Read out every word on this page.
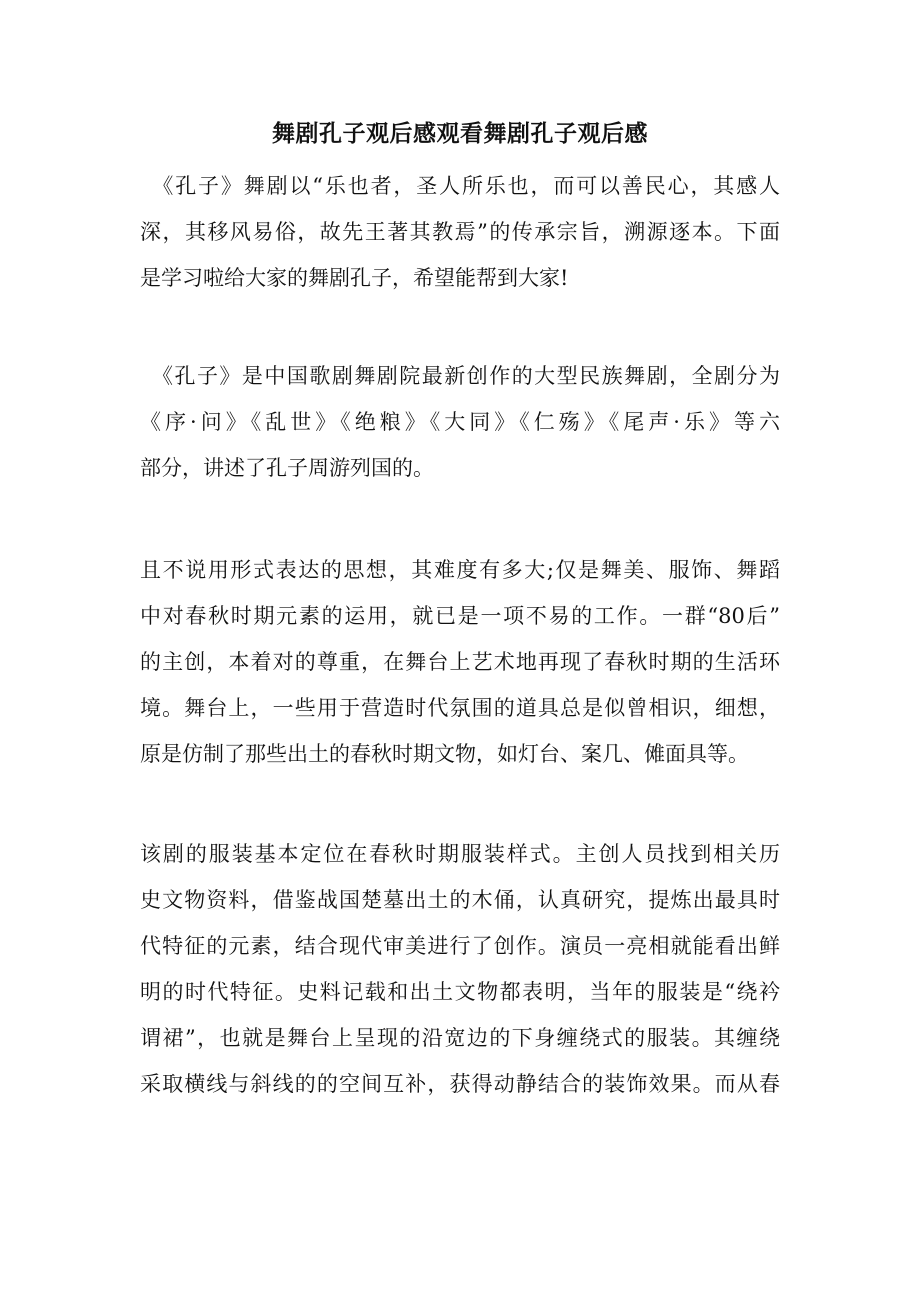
舞剧孔子观后感观看舞剧孔子观后感

　《孔子》舞剧以“乐也者，圣人所乐也，而可以善民心，其感人
深，其移风易俗，故先王著其教焉”的传承宗旨，溯源逐本。下面
是学习啦给大家的舞剧孔子，希望能帮到大家!

　《孔子》是中国歌剧舞剧院最新创作的大型民族舞剧，全剧分为
《序·问》《乱世》《绝粮》《大同》《仁殇》《尾声·乐》等六
部分，讲述了孔子周游列国的。

且不说用形式表达的思想，其难度有多大;仅是舞美、服饰、舞蹈
中对春秋时期元素的运用，就已是一项不易的工作。一群“80后”
的主创，本着对的尊重，在舞台上艺术地再现了春秋时期的生活环
境。舞台上，一些用于营造时代氛围的道具总是似曾相识，细想，
原是仿制了那些出土的春秋时期文物，如灯台、案几、傩面具等。

该剧的服装基本定位在春秋时期服装样式。主创人员找到相关历
史文物资料，借鉴战国楚墓出土的木俑，认真研究，提炼出最具时
代特征的元素，结合现代审美进行了创作。演员一亮相就能看出鲜
明的时代特征。史料记载和出土文物都表明，当年的服装是“绕衿
谓裙”，也就是舞台上呈现的沿宽边的下身缠绕式的服装。其缠绕
采取横线与斜线的的空间互补，获得动静结合的装饰效果。而从春
